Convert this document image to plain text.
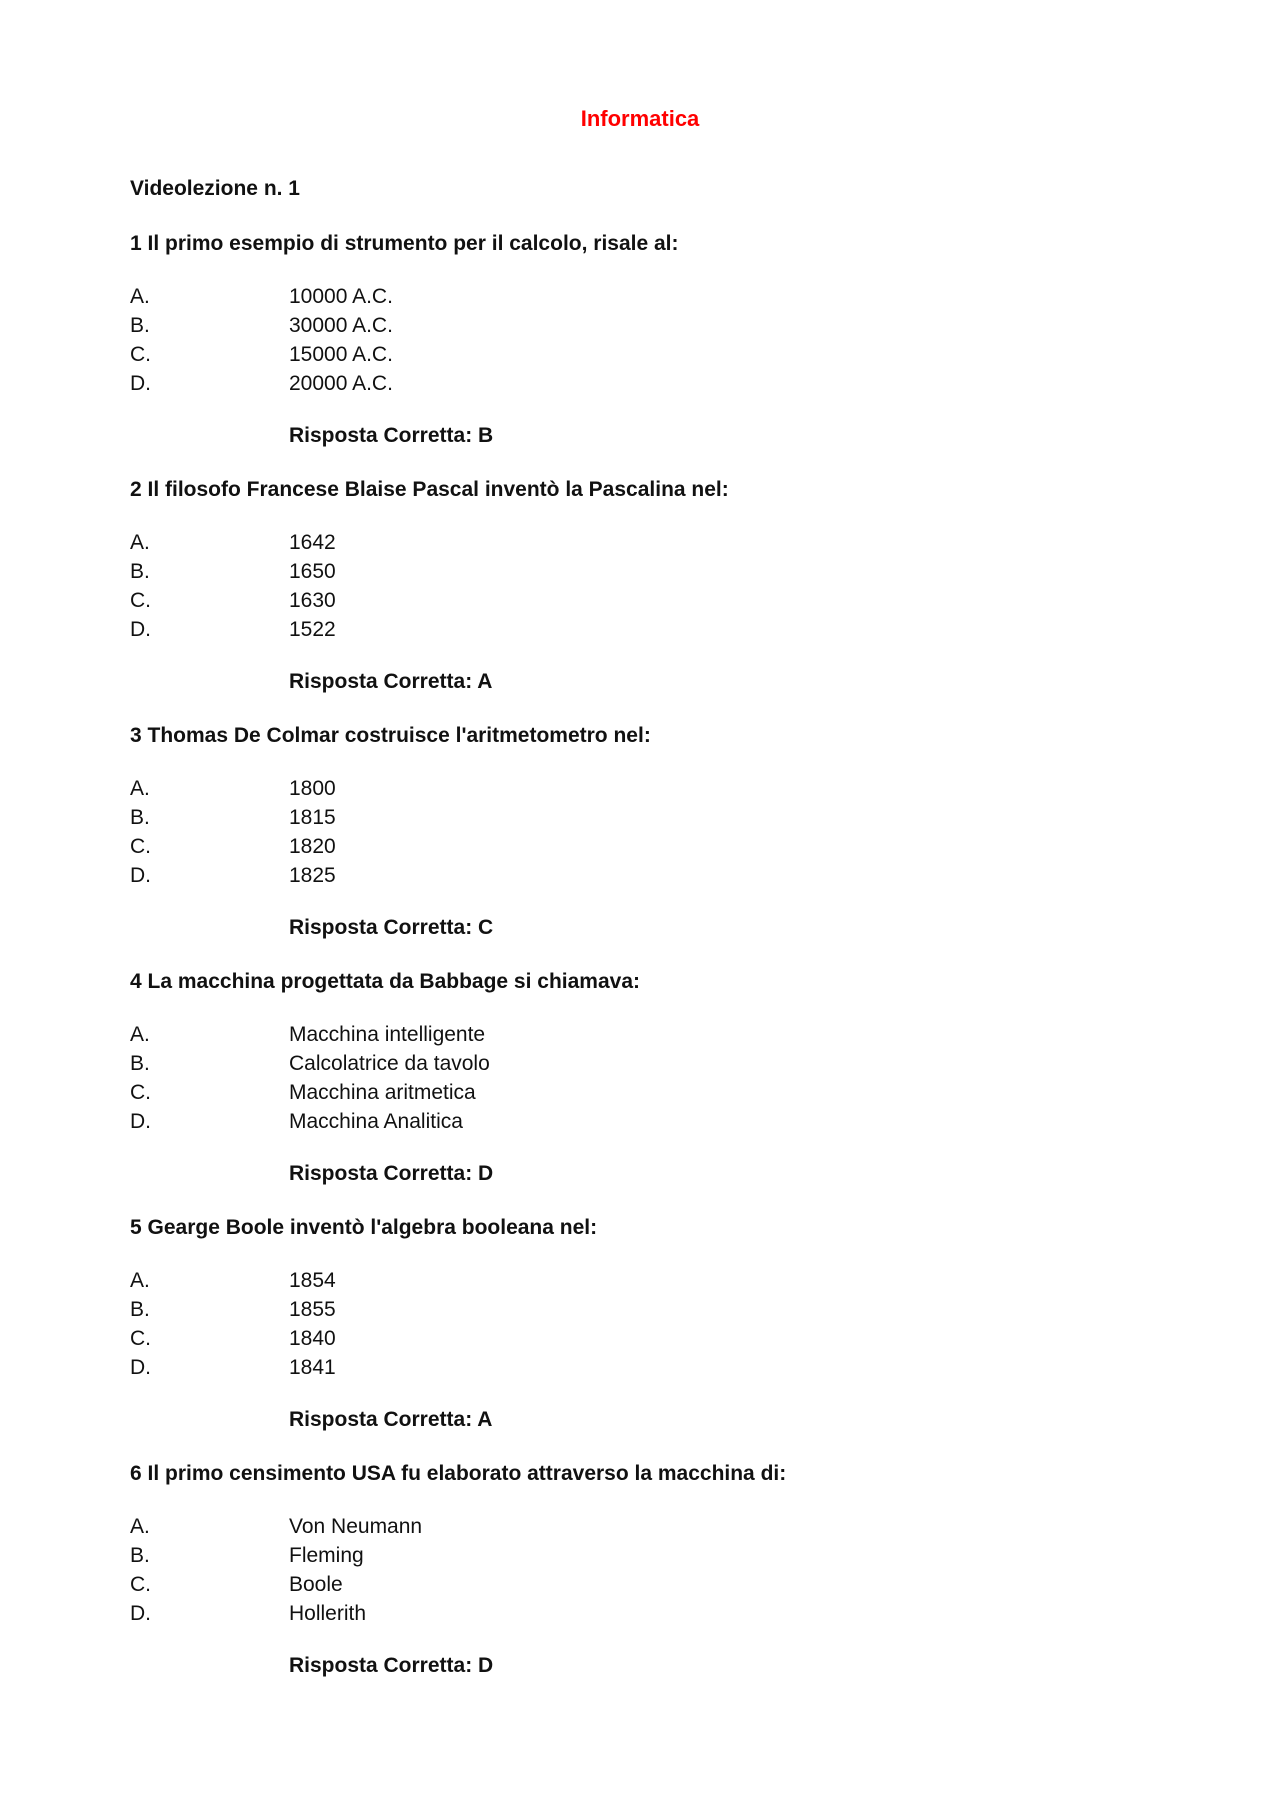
Informatica
Videolezione n. 1
1 Il primo esempio di strumento per il calcolo, risale al:
A.	10000 A.C.
B.	30000 A.C.
C.	15000 A.C.
D.	20000 A.C.
Risposta Corretta: B
2 Il filosofo Francese Blaise Pascal inventò la Pascalina nel:
A.	1642
B.	1650
C.	1630
D.	1522
Risposta Corretta: A
3 Thomas De Colmar costruisce l'aritmetometro nel:
A.	1800
B.	1815
C.	1820
D.	1825
Risposta Corretta: C
4 La macchina progettata da Babbage si chiamava:
A.	Macchina intelligente
B.	Calcolatrice da tavolo
C.	Macchina aritmetica
D.	Macchina Analitica
Risposta Corretta: D
5 Gearge Boole inventò l'algebra booleana nel:
A.	1854
B.	1855
C.	1840
D.	1841
Risposta Corretta: A
6 Il primo censimento USA fu elaborato attraverso la macchina di:
A.	Von Neumann
B.	Fleming
C.	Boole
D.	Hollerith
Risposta Corretta: D
